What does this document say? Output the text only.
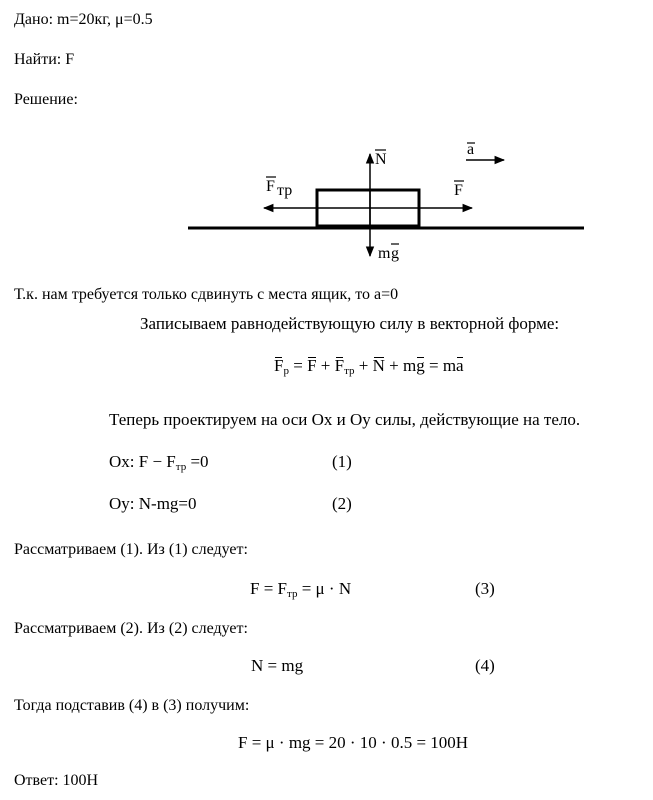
Дано: m=20кг, μ=0.5
Найти: F
Решение:
N
a
F
F тр
m g
Т.к. нам требуется только сдвинуть с места ящик, то a=0
Записываем равнодействующую силу в векторной форме:
$F_p = F + F_{тр} + N$ + mg = ma
Теперь проектируем на оси Ox и Oy силы, действующие на тело.
Ox: $F - F_{тр} =0$	(1)
Oy: N-mg=0	(2)
Рассматриваем (1). Из (1) следует:
$F = F_{тр} = \mu \cdot N$	(3)
Рассматриваем (2). Из (2) следует:
N = mg	(4)
Тогда подставив (4) в (3) получим:
F = μ · mg = 20 · 10 · 0.5 = 100H
Ответ: 100H
